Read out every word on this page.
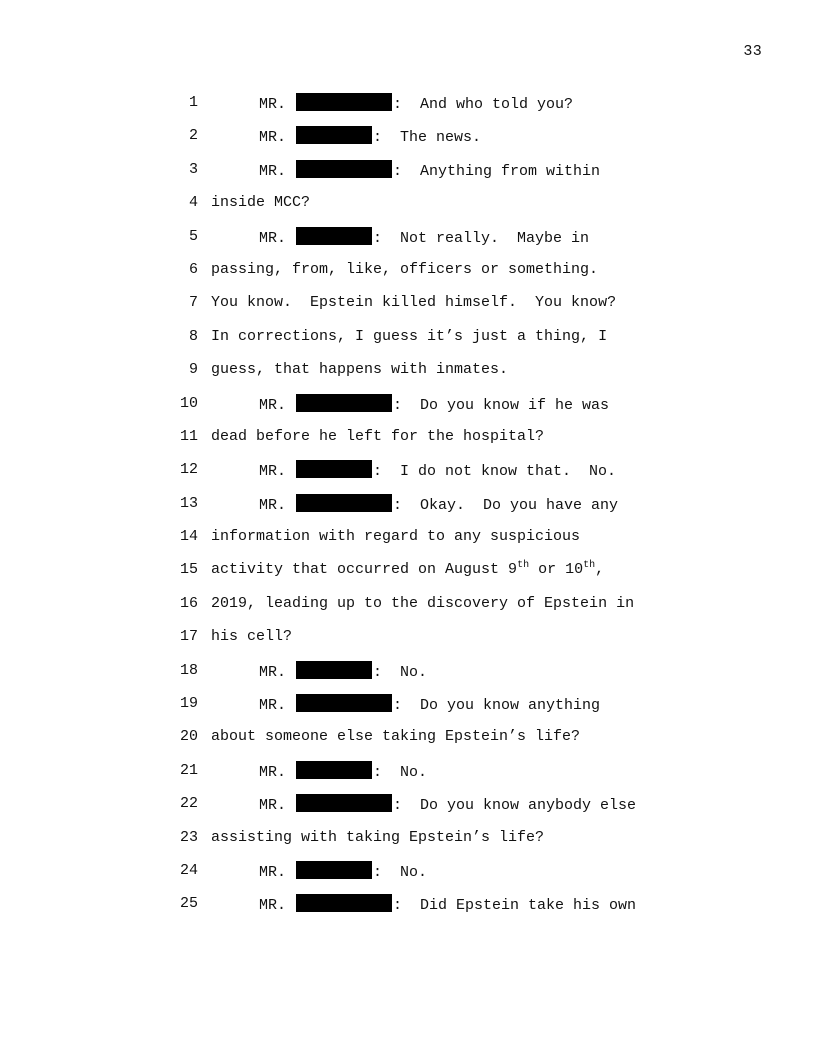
33
1	MR.	:  And who told you?
2	MR.	:  The news.
3	MR.	:  Anything from within
4 inside MCC?
5	MR.	:  Not really.  Maybe in
6 passing, from, like, officers or something.
7 You know.  Epstein killed himself.  You know?
8 In corrections, I guess it’s just a thing, I
9 guess, that happens with inmates.
10	MR.	:  Do you know if he was
11 dead before he left for the hospital?
12	MR.	:  I do not know that.  No.
13	MR.	:  Okay.  Do you have any
14 information with regard to any suspicious
15 activity that occurred on August 9th or 10th,
16 2019, leading up to the discovery of Epstein in
17 his cell?
18	MR.	:  No.
19	MR.	:  Do you know anything
20 about someone else taking Epstein’s life?
21	MR.	:  No.
22	MR.	:  Do you know anybody else
23 assisting with taking Epstein’s life?
24	MR.	:  No.
25	MR.	:  Did Epstein take his own
